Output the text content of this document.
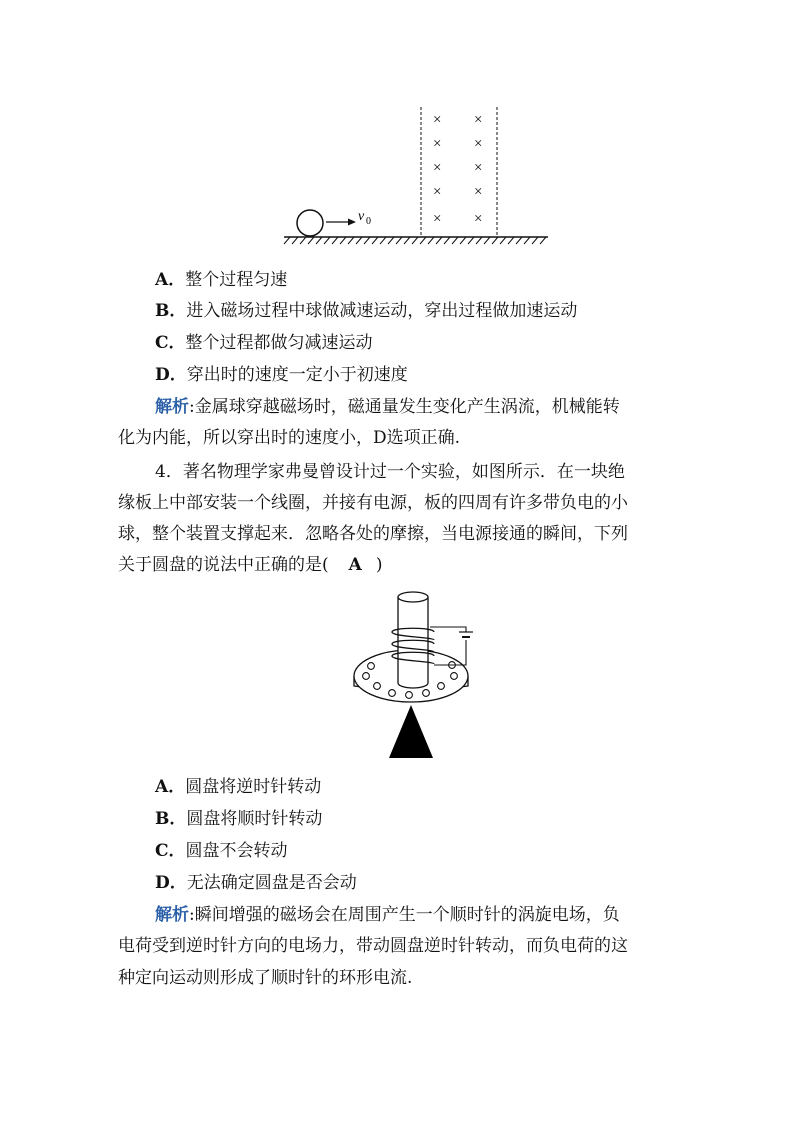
v 0
× ×
× ×
× ×
× ×
× ×
A．整个过程匀速
B．进入磁场过程中球做减速运动，穿出过程做加速运动
C．整个过程都做匀减速运动
D．穿出时的速度一定小于初速度
解析:金属球穿越磁场时，磁通量发生变化产生涡流，机械能转
化为内能，所以穿出时的速度小，D选项正确.
4．著名物理学家弗曼曾设计过一个实验，如图所示．在一块绝
缘板上中部安装一个线圈，并接有电源，板的四周有许多带负电的小
球，整个装置支撑起来．忽略各处的摩擦，当电源接通的瞬间，下列
关于圆盘的说法中正确的是( A )
A．圆盘将逆时针转动
B．圆盘将顺时针转动
C．圆盘不会转动
D．无法确定圆盘是否会动
解析:瞬间增强的磁场会在周围产生一个顺时针的涡旋电场，负
电荷受到逆时针方向的电场力，带动圆盘逆时针转动，而负电荷的这
种定向运动则形成了顺时针的环形电流.
